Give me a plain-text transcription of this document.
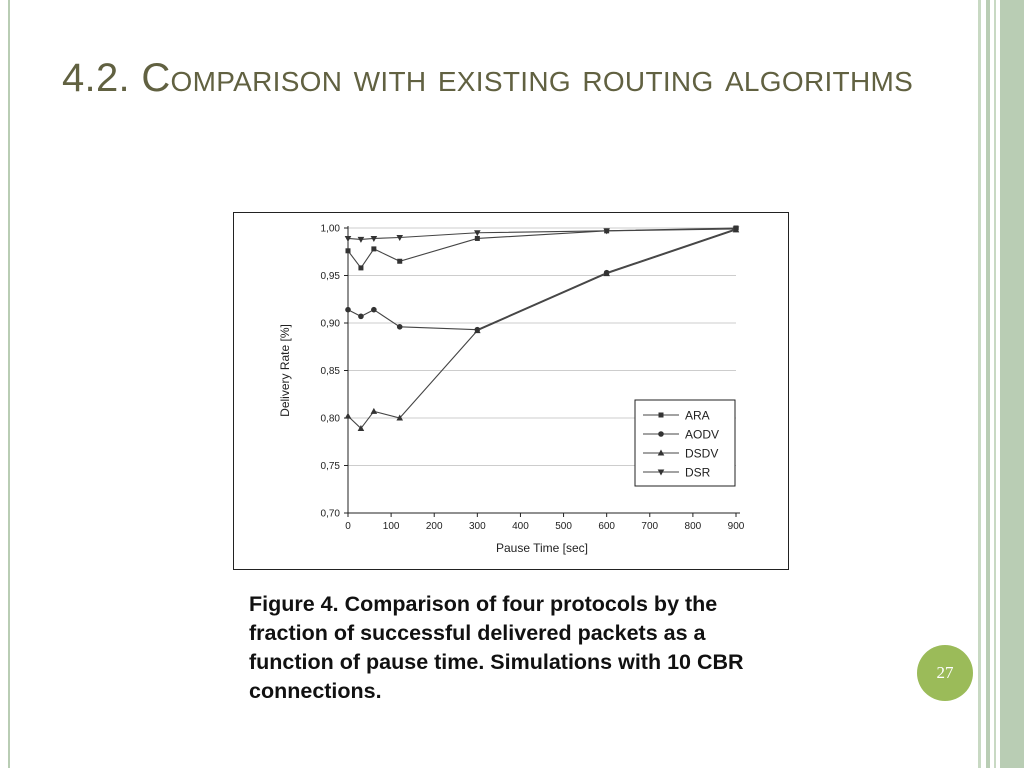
4.2. Comparison with existing routing algorithms
0,70
0,75
0,80
0,85
0,90
0,95
1,00
0	100	200	300	400	500	600	700	800	900
Pause Time [sec]
Delivery Rate [%]	ARA
AODV
DSDV
DSR
Figure 4. Comparison of four protocols by the fraction of successful delivered packets as a function of pause time. Simulations with 10 CBR connections.
27
